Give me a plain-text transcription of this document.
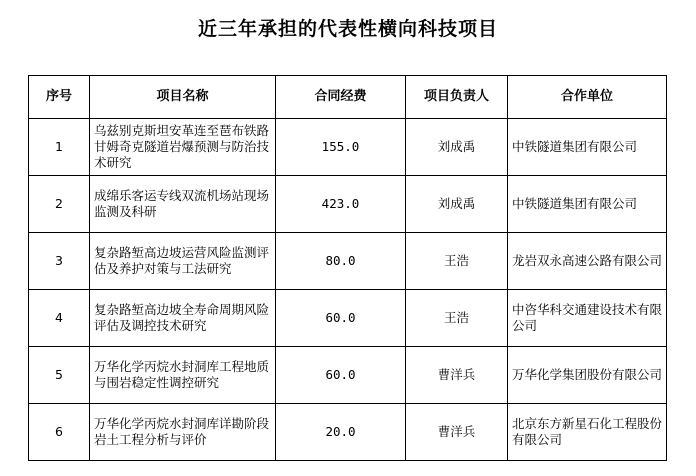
近三年承担的代表性横向科技项目
序号	项目名称	合同经费	项目负责人	合作单位
1	乌兹别克斯坦安革连至琶布铁路甘姆奇克隧道岩爆预测与防治技术研究	155.0	刘成禹	中铁隧道集团有限公司
2	成绵乐客运专线双流机场站现场监测及科研	423.0	刘成禹	中铁隧道集团有限公司
3	复杂路堑高边坡运营风险监测评估及养护对策与工法研究	80.0	王浩	龙岩双永高速公路有限公司
4	复杂路堑高边坡全寿命周期风险评估及调控技术研究	60.0	王浩	中咨华科交通建设技术有限公司
5	万华化学丙烷水封洞库工程地质与围岩稳定性调控研究	60.0	曹洋兵	万华化学集团股份有限公司
6	万华化学丙烷水封洞库详勘阶段岩土工程分析与评价	20.0	曹洋兵	北京东方新星石化工程股份有限公司
